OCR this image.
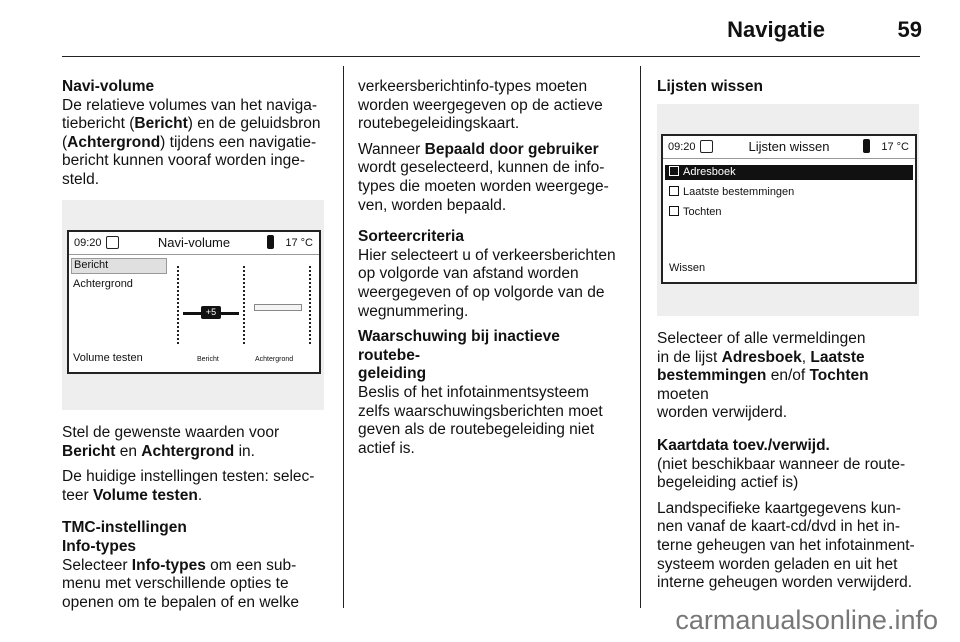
Navigatie	59
Navi-volume

De relatieve volumes van het naviga-
tiebericht (Bericht) en de geluidsbron
(Achtergrond) tijdens een navigatie-
bericht kunnen vooraf worden inge-
steld.

09:20	Navi-volume	17 °C
Bericht
Achtergrond
Volume testen
+5
Bericht	Achtergrond

Stel de gewenste waarden voor
Bericht en Achtergrond in.

De huidige instellingen testen: selec-
teer Volume testen.

TMC-instellingen
Info-types

Selecteer Info-types om een sub-
menu met verschillende opties te
openen om te bepalen of en welke

verkeersberichtinfo-types moeten
worden weergegeven op de actieve
routebegeleidingskaart.

Wanneer Bepaald door gebruiker
wordt geselecteerd, kunnen de info-
types die moeten worden weergege-
ven, worden bepaald.

Sorteercriteria

Hier selecteert u of verkeersberichten
op volgorde van afstand worden
weergegeven of op volgorde van de
wegnummering.

Waarschuwing bij inactieve routebe-
geleiding

Beslis of het infotainmentsysteem
zelfs waarschuwingsberichten moet
geven als de routebegeleiding niet
actief is.

Lijsten wissen
09:20	Lijsten wissen	17 °C
Adresboek
Laatste bestemmingen
Tochten
Wissen

Selecteer of alle vermeldingen
in de lijst Adresboek, Laatste
bestemmingen en/of Tochten moeten
worden verwijderd.

Kaartdata toev./verwijd.

(niet beschikbaar wanneer de route-
begeleiding actief is)

Landspecifieke kaartgegevens kun-
nen vanaf de kaart-cd/dvd in het in-
terne geheugen van het infotainment-
systeem worden geladen en uit het
interne geheugen worden verwijderd.

carmanualsonline.info
